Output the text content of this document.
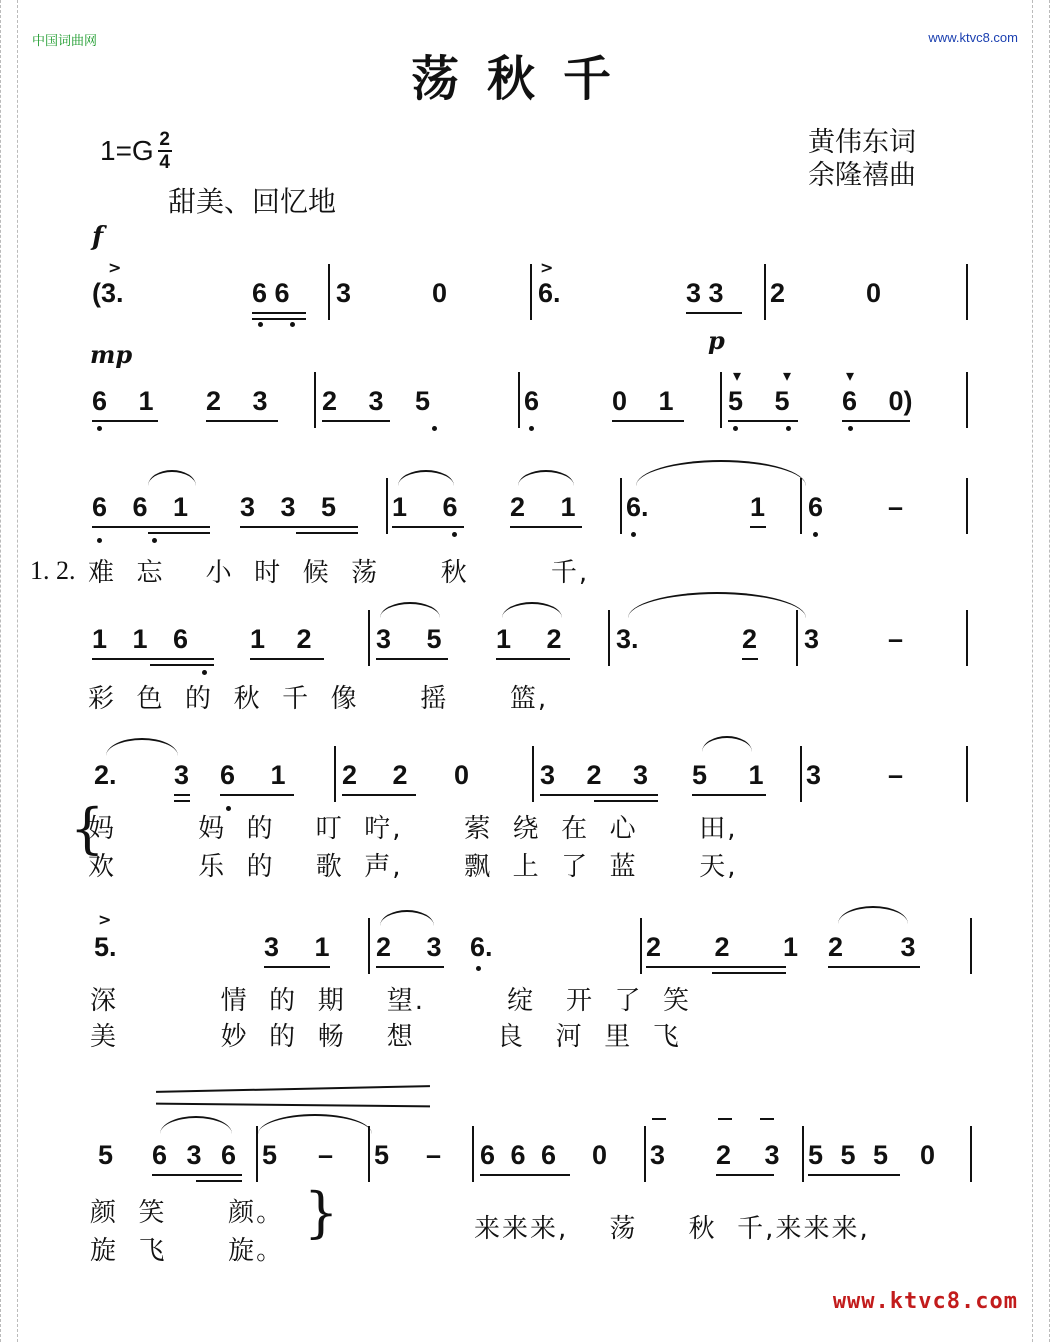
中国词曲网	www.ktvc8.com
荡秋千
$1=G \frac{2}{4}$
甜美、回忆地
黄伟东词
余隆禧曲
f
>	>
(3.	6 6 3	0	6.	3 3 2	0
mp	p
▾	▾	▾
6 1 2 3 2 3 5	6	0 1 5 5 6 0)
6 6 1 3 3 5 1 6 2 1 6.	1 6 –
1. 2. 难  忘    小  时  候  荡      秋        千,
1 1 6 1 2 3 5 1 2 3.	2 3	–
彩  色  的  秋  千  像      摇      篮,
2. 3 6 1 2 2 0	3 2 3 5 1 3 –
{
妈        妈  的    叮  咛,      萦  绕  在  心      田,
欢        乐  的    歌  声,      飘  上  了  蓝      天,
>
5.	3 1 2 3 6.	2 2 1 2 3
深          情  的  期    望.        绽   开  了  笑
美          妙  的  畅    想        良   河  里  飞
5 6 3 6 5 – 5 – 6 6 6 0 3 2 3 5 5 5 0
颜  笑      颜。
旋  飞      旋。
}	来来来,    荡     秋  千,来来来,
www.ktvc8.com
